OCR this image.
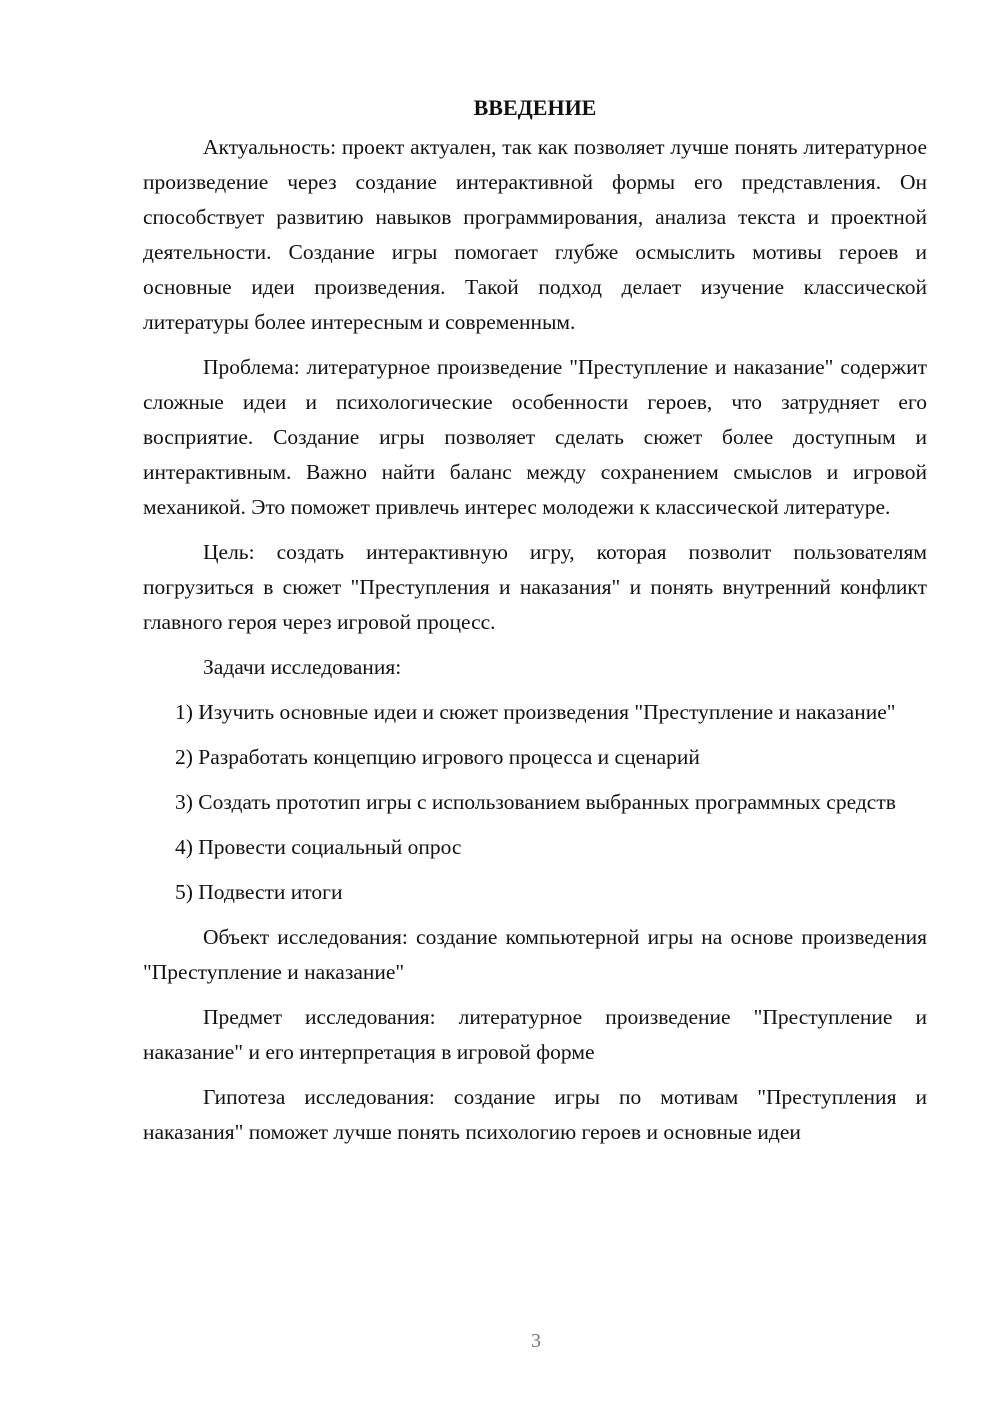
ВВЕДЕНИЕ

Актуальность: проект актуален, так как позволяет лучше понять литературное произведение через создание интерактивной формы его представления. Он способствует развитию навыков программирования, анализа текста и проектной деятельности. Создание игры помогает глубже осмыслить мотивы героев и основные идеи произведения. Такой подход делает изучение классической литературы более интересным и современным.

Проблема: литературное произведение "Преступление и наказание" содержит сложные идеи и психологические особенности героев, что затрудняет его восприятие. Создание игры позволяет сделать сюжет более доступным и интерактивным. Важно найти баланс между сохранением смыслов и игровой механикой. Это поможет привлечь интерес молодежи к классической литературе.

Цель: создать интерактивную игру, которая позволит пользователям погрузиться в сюжет "Преступления и наказания" и понять внутренний конфликт главного героя через игровой процесс.

Задачи исследования:

1) Изучить основные идеи и сюжет произведения "Преступление и наказание"

2) Разработать концепцию игрового процесса и сценарий

3) Создать прототип игры с использованием выбранных программных средств

4) Провести социальный опрос

5) Подвести итоги

Объект исследования: создание компьютерной игры на основе произведения "Преступление и наказание"

Предмет исследования: литературное произведение "Преступление и наказание" и его интерпретация в игровой форме

Гипотеза исследования: создание игры по мотивам "Преступления и наказания" поможет лучше понять психологию героев и основные идеи

3
